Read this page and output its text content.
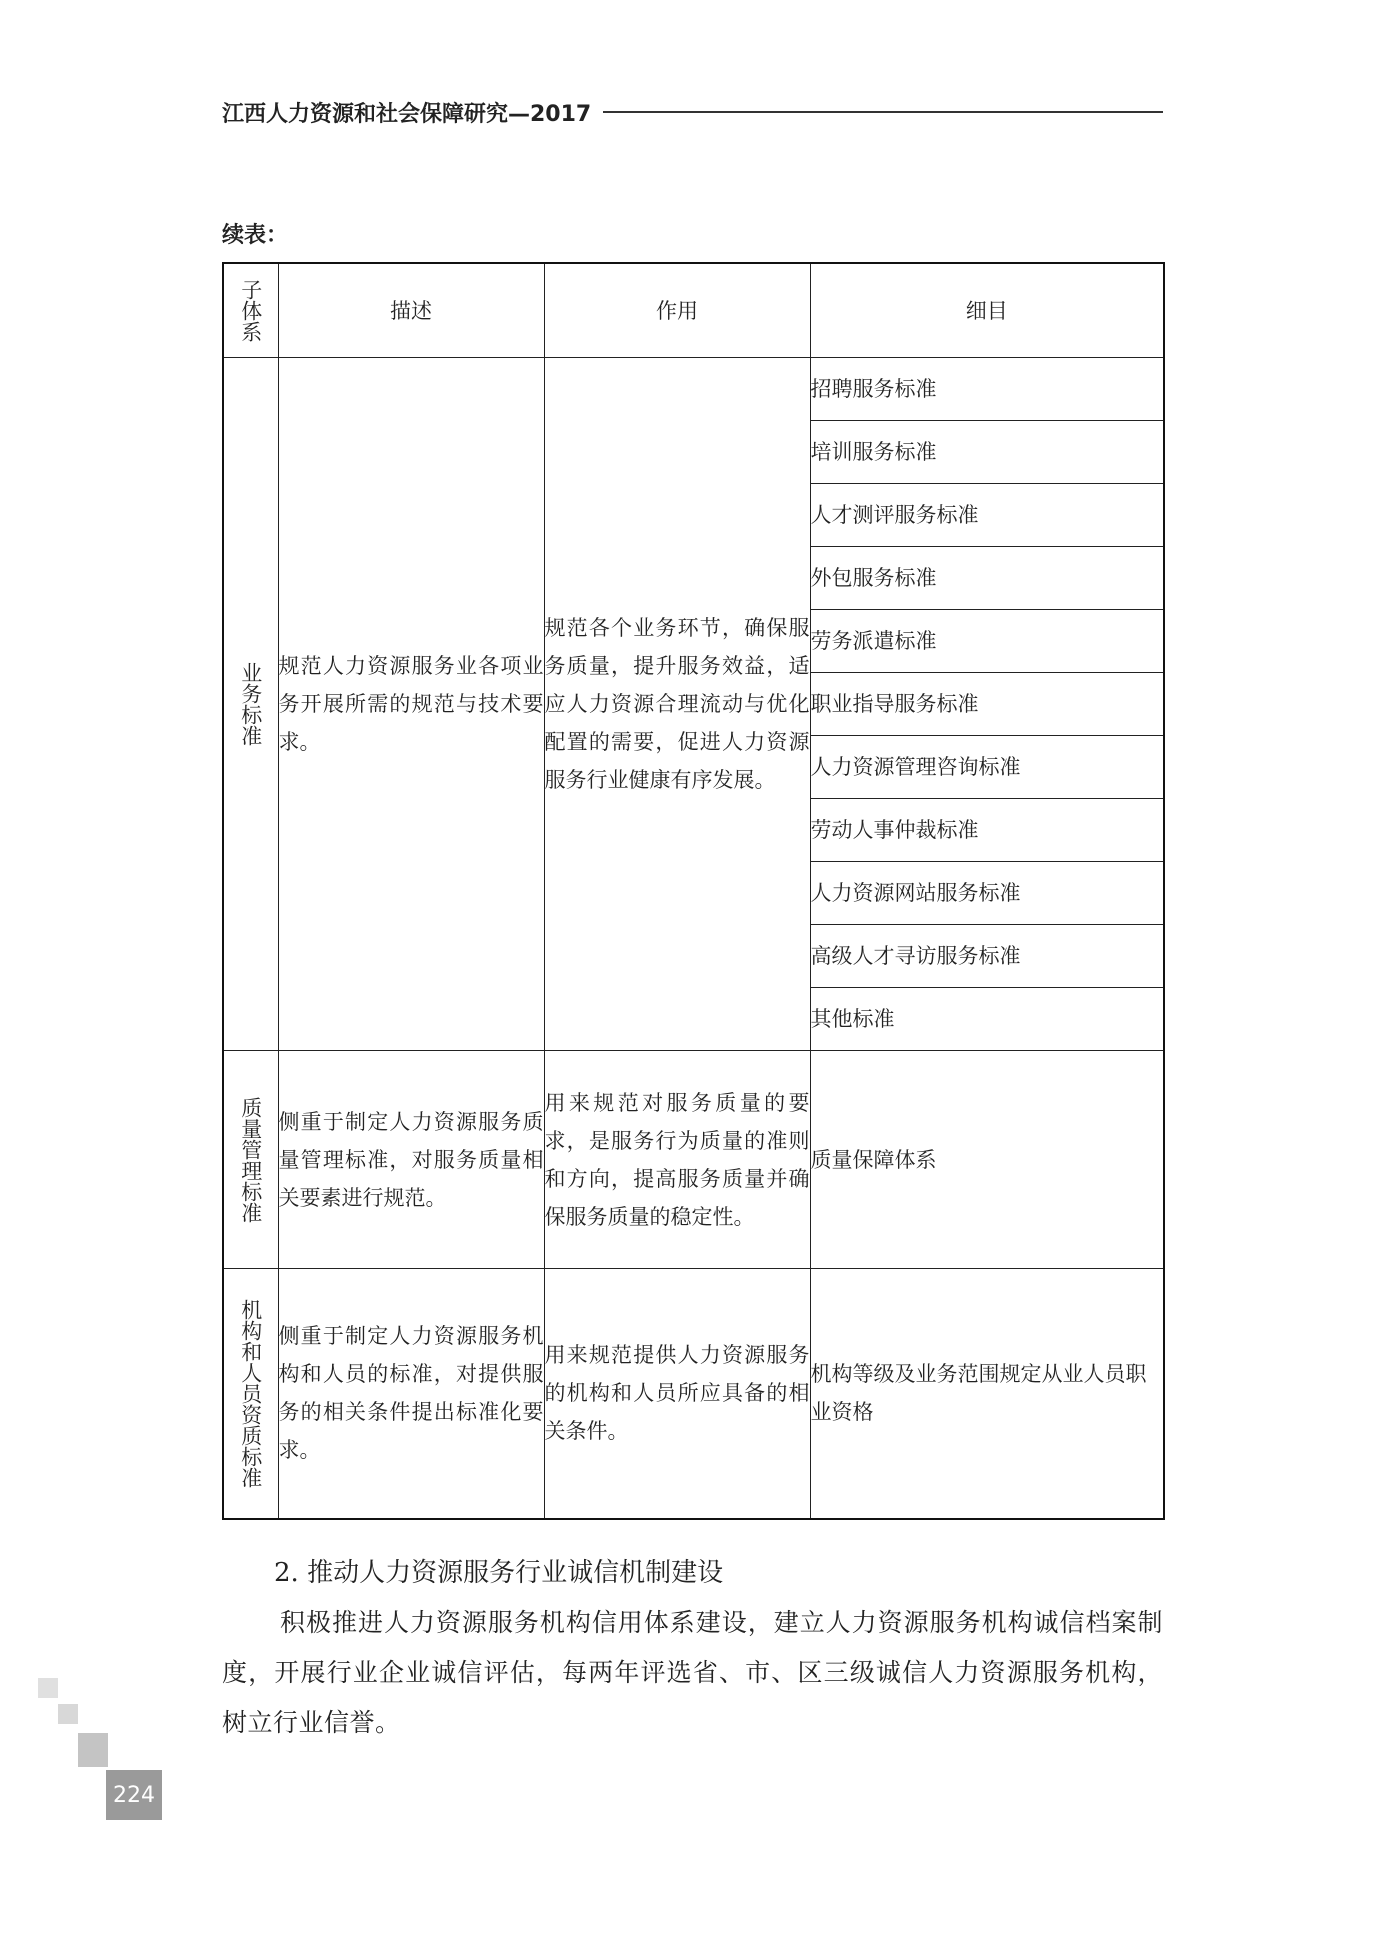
江西人力资源和社会保障研究—2017
续表：
子体系	描述	作用	细目

业务标准	规范人力资源服务业各项业务开展所需的规范与技术要求。	规范各个业务环节，确保服务质量，提升服务效益，适应人力资源合理流动与优化配置的需要，促进人力资源服务行业健康有序发展。	招聘服务标准
			培训服务标准
			人才测评服务标准
			外包服务标准
			劳务派遣标准
			职业指导服务标准
			人力资源管理咨询标准
			劳动人事仲裁标准
			人力资源网站服务标准
			高级人才寻访服务标准
			其他标准

质量管理标准	侧重于制定人力资源服务质量管理标准，对服务质量相关要素进行规范。	用来规范对服务质量的要求，是服务行为质量的准则和方向，提高服务质量并确保服务质量的稳定性。	质量保障体系

机构和人员资质标准	侧重于制定人力资源服务机构和人员的标准，对提供服务的相关条件提出标准化要求。	用来规范提供人力资源服务的机构和人员所应具备的相关条件。	机构等级及业务范围规定从业人员职业资格
2. 推动人力资源服务行业诚信机制建设
积极推进人力资源服务机构信用体系建设，建立人力资源服务机构诚信档案制度，开展行业企业诚信评估，每两年评选省、市、区三级诚信人力资源服务机构，树立行业信誉。
224
